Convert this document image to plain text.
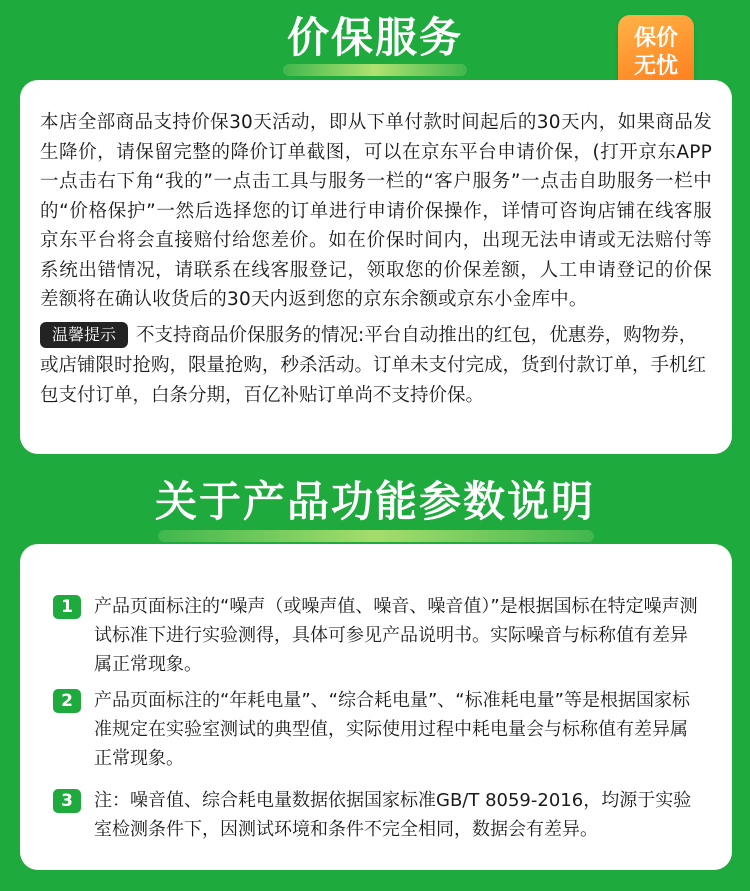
价保服务	保价
无忧

本店全部商品支持价保30天活动，即从下单付款时间起后的30天内，如果商品发生降价，请保留完整的降价订单截图，可以在京东平台申请价保，(打开京东APP一点击右下角“我的”一点击工具与服务一栏的“客户服务”一点击自助服务一栏中的“价格保护”一然后选择您的订单进行申请价保操作，详情可咨询店铺在线客服京东平台将会直接赔付给您差价。如在价保时间内，出现无法申请或无法赔付等系统出错情况，请联系在线客服登记，领取您的价保差额，人工申请登记的价保差额将在确认收货后的30天内返到您的京东余额或京东小金库中。

温馨提示 不支持商品价保服务的情况:平台自动推出的红包，优惠券，购物券，或店铺限时抢购，限量抢购，秒杀活动。订单未支付完成，货到付款订单，手机红包支付订单，白条分期，百亿补贴订单尚不支持价保。

关于产品功能参数说明
1	产品页面标注的“噪声（或噪声值、噪音、噪音值）”是根据国标在特定噪声测试标准下进行实验测得，具体可参见产品说明书。实际噪音与标称值有差异属正常现象。
2	产品页面标注的“年耗电量”、“综合耗电量”、“标准耗电量”等是根据国家标准规定在实验室测试的典型值，实际使用过程中耗电量会与标称值有差异属正常现象。
3	注：噪音值、综合耗电量数据依据国家标准GB/T 8059-2016，均源于实验室检测条件下，因测试环境和条件不完全相同，数据会有差异。
